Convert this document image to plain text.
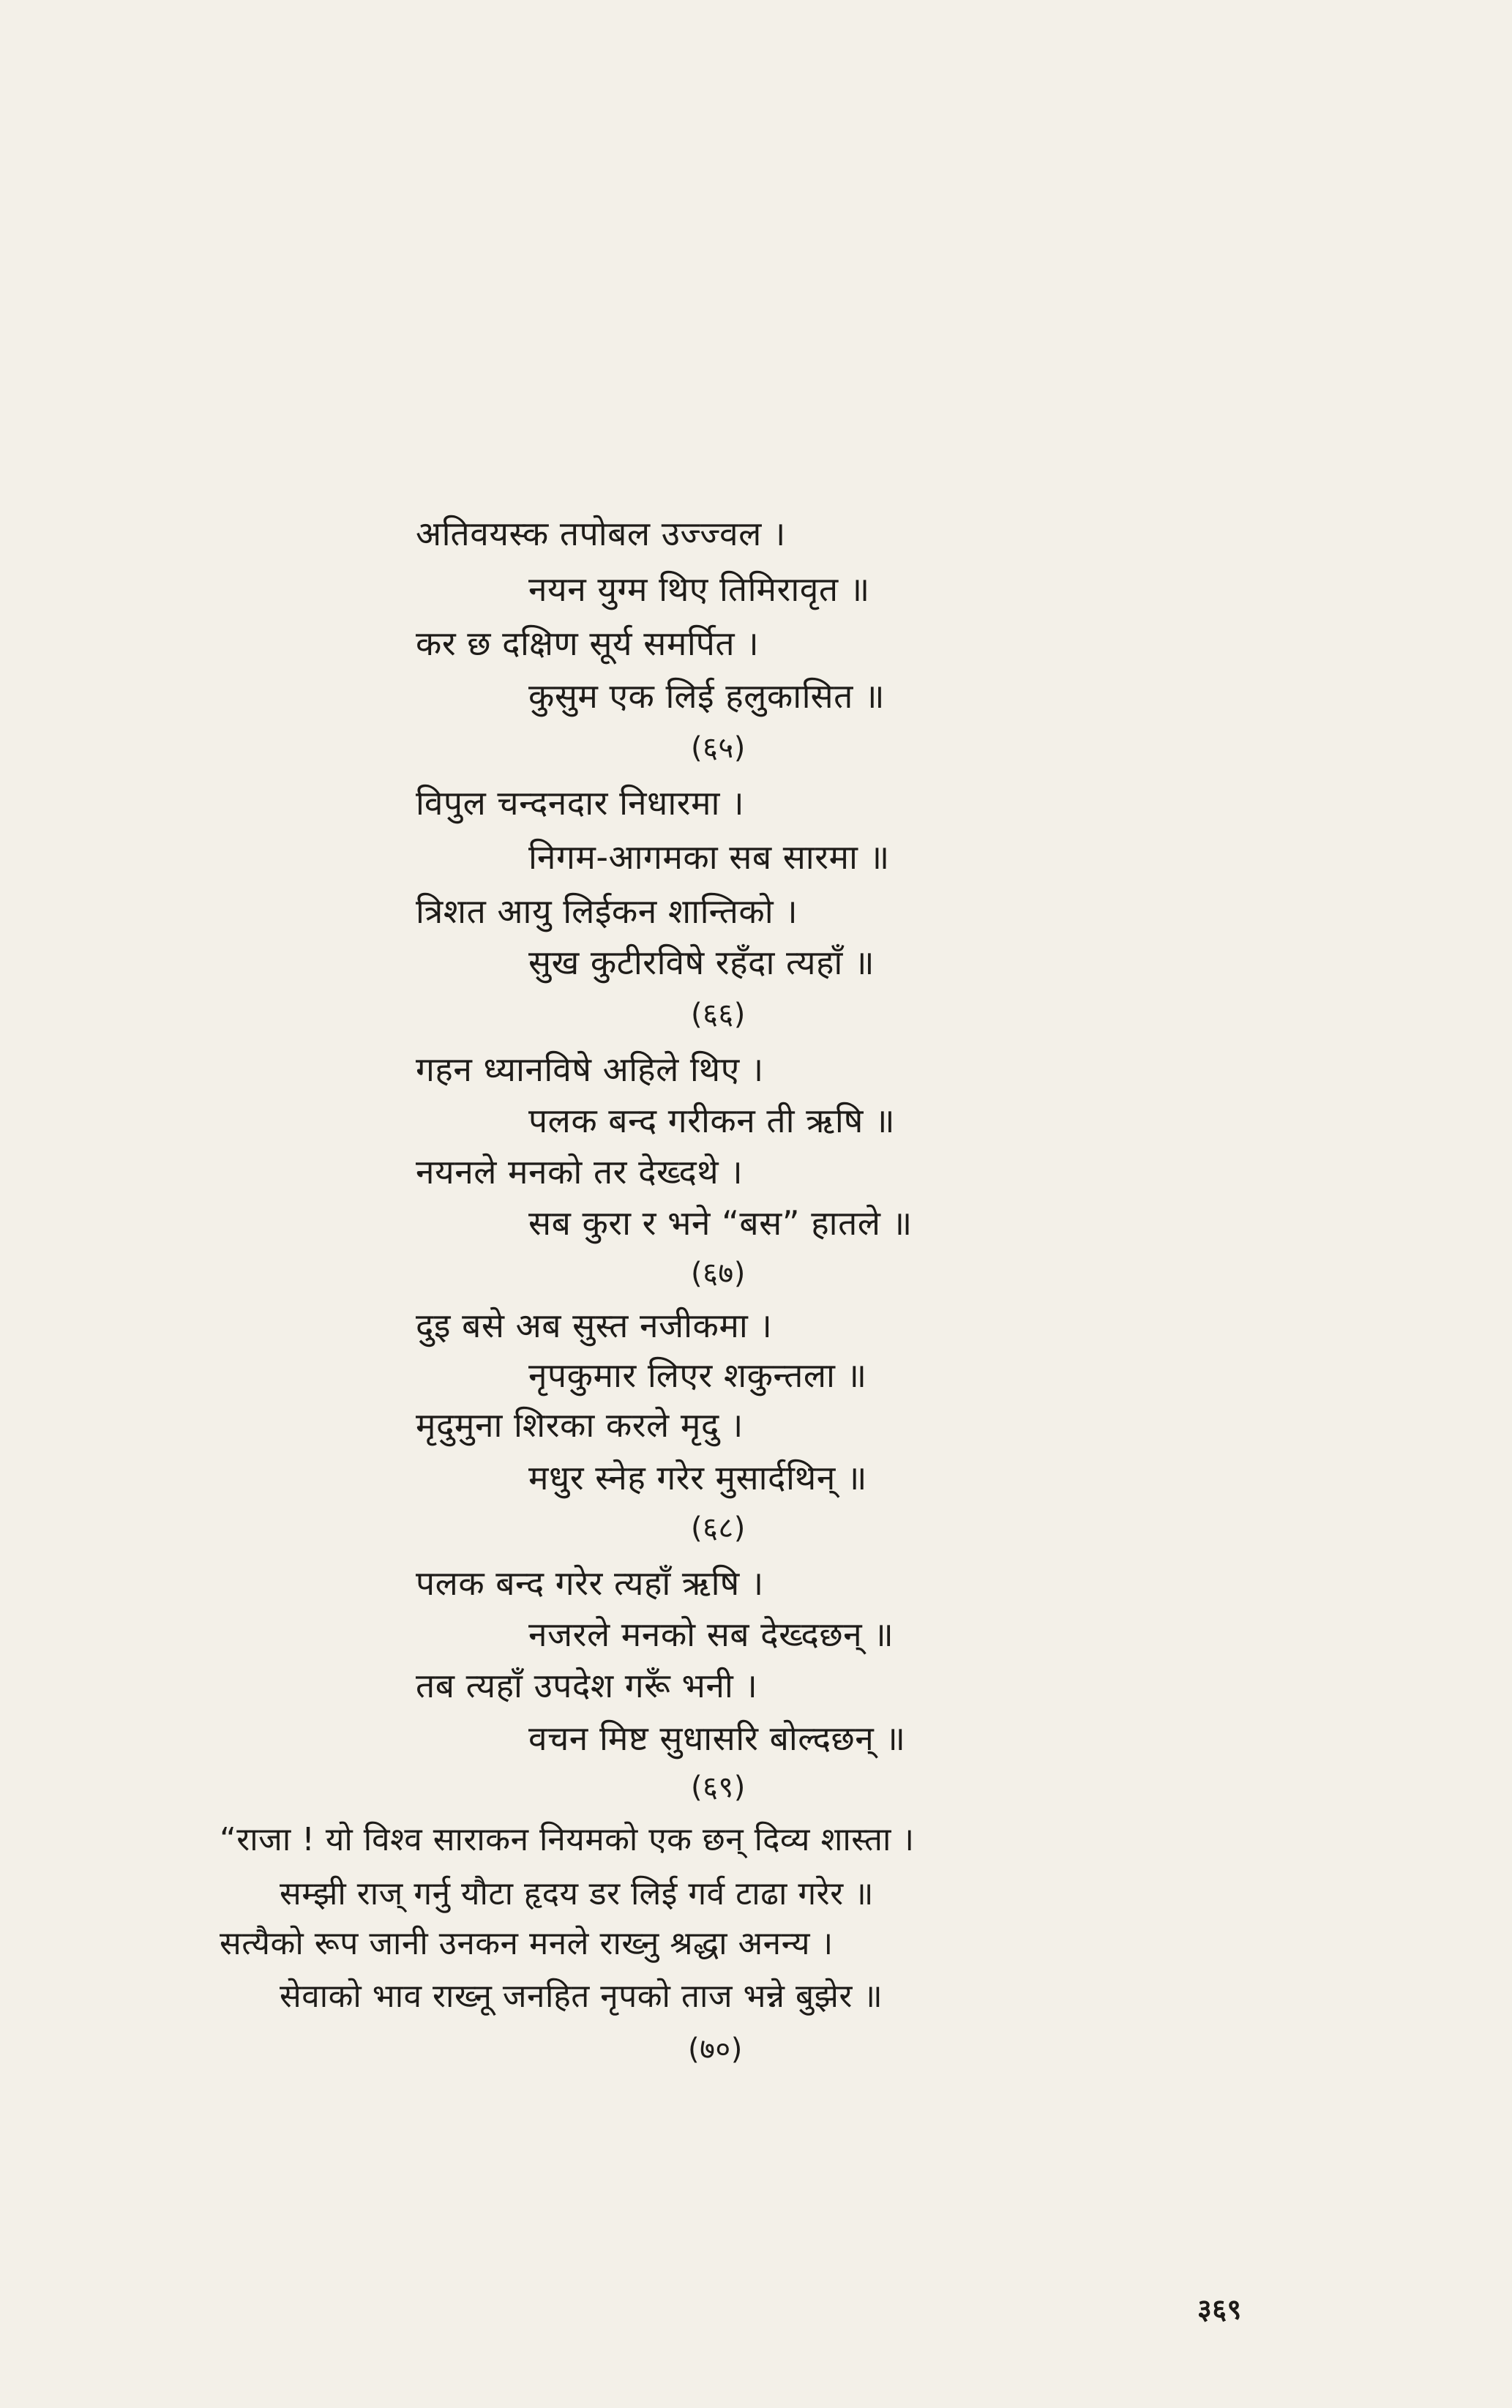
अतिवयस्क तपोबल उज्ज्वल ।
नयन युग्म थिए तिमिरावृत ॥
कर छ दक्षिण सूर्य समर्पित ।
कुसुम एक लिई हलुकासित ॥
(६५)
विपुल चन्दनदार निधारमा ।
निगम-आगमका सब सारमा ॥
त्रिशत आयु लिईकन शान्तिको ।
सुख कुटीरविषे रहँदा त्यहाँ ॥
(६६)
गहन ध्यानविषे अहिले थिए ।
पलक बन्द गरीकन ती ऋषि ॥
नयनले मनको तर देख्दथे ।
सब कुरा र भने “बस” हातले ॥
(६७)
दुइ बसे अब सुस्त नजीकमा ।
नृपकुमार लिएर शकुन्तला ॥
मृदुमुना शिरका करले मृदु ।
मधुर स्नेह गरेर मुसार्दथिन् ॥
(६८)
पलक बन्द गरेर त्यहाँ ऋषि ।
नजरले मनको सब देख्दछन् ॥
तब त्यहाँ उपदेश गरूँ भनी ।
वचन मिष्ट सुधासरि बोल्दछन् ॥
(६९)
“राजा ! यो विश्व साराकन नियमको एक छन् दिव्य शास्ता ।
सम्झी राज् गर्नु यौटा हृदय डर लिई गर्व टाढा गरेर ॥
सत्यैको रूप जानी उनकन मनले राख्नु श्रद्धा अनन्य ।
सेवाको भाव राख्नू जनहित नृपको ताज भन्ने बुझेर ॥
(७०)
३६९
